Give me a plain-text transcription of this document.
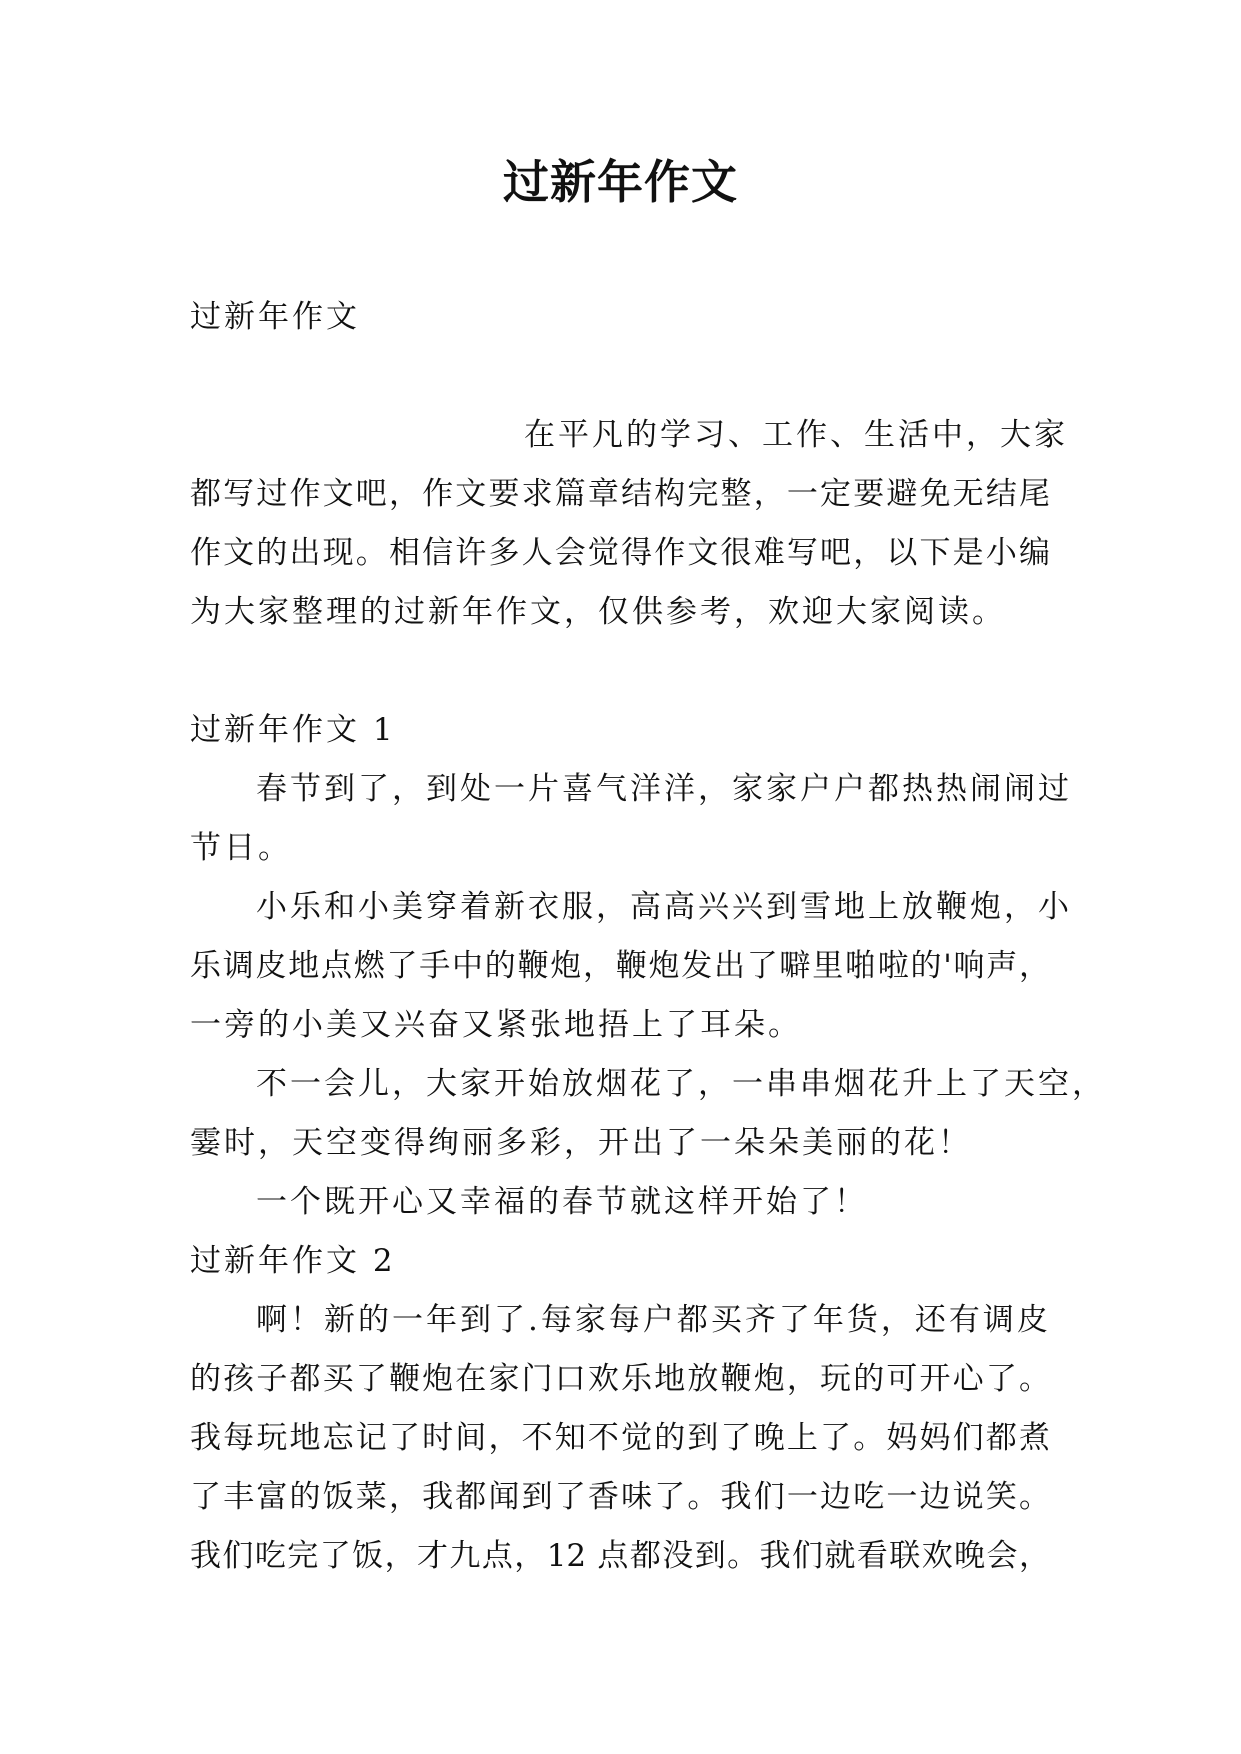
过新年作文
过新年作文
在平凡的学习、工作、生活中，大家
都写过作文吧，作文要求篇章结构完整，一定要避免无结尾
作文的出现。相信许多人会觉得作文很难写吧，以下是小编
为大家整理的过新年作文，仅供参考，欢迎大家阅读。
过新年作文 1
春节到了，到处一片喜气洋洋，家家户户都热热闹闹过
节日。
小乐和小美穿着新衣服，高高兴兴到雪地上放鞭炮，小
乐调皮地点燃了手中的鞭炮，鞭炮发出了噼里啪啦的'响声，
一旁的小美又兴奋又紧张地捂上了耳朵。
不一会儿，大家开始放烟花了，一串串烟花升上了天空，
霎时，天空变得绚丽多彩，开出了一朵朵美丽的花！
一个既开心又幸福的春节就这样开始了！
过新年作文 2
啊！新的一年到了.每家每户都买齐了年货，还有调皮
的孩子都买了鞭炮在家门口欢乐地放鞭炮，玩的可开心了。
我每玩地忘记了时间，不知不觉的到了晚上了。妈妈们都煮
了丰富的饭菜，我都闻到了香味了。我们一边吃一边说笑。
我们吃完了饭，才九点，12 点都没到。我们就看联欢晚会，
